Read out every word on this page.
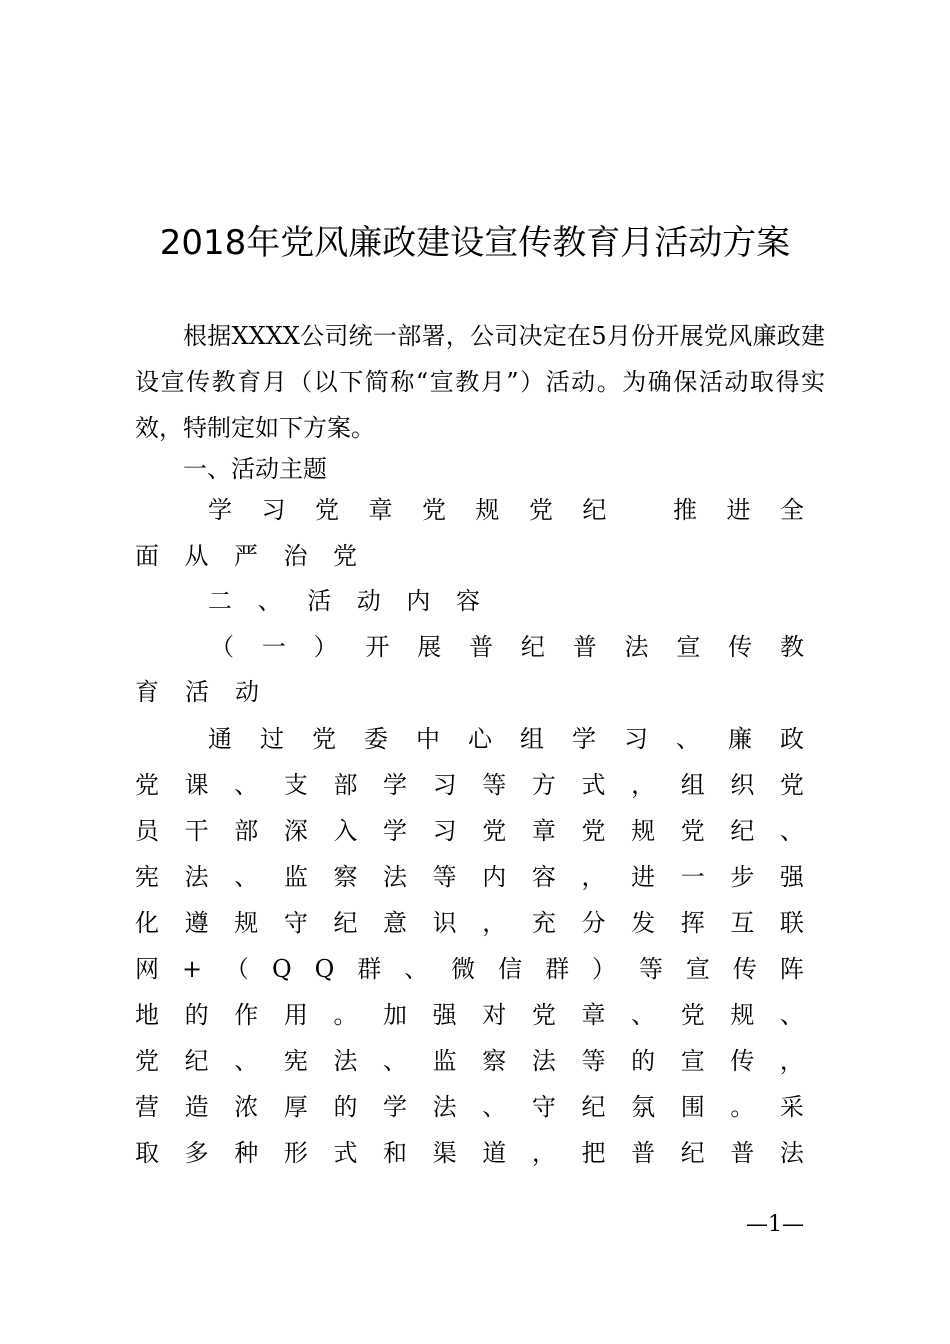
2018年党风廉政建设宣传教育月活动方案

根据XXXX公司统一部署，公司决定在5月份开展党风廉政建设宣传教育月（以下简称“宣教月”）活动。为确保活动取得实效，特制定如下方案。

一、活动主题
学 习 党 章 党 规 党 纪
	推 进 全
面 从 严 治 党
二 、 活 动 内 容
（ 一 ） 开 展 普 纪 普 法 宣 传 教
育 活 动
通 过 党 委 中 心 组 学 习 、 廉 政
党 课 、 支 部 学 习 等 方 式 ， 组 织 党
员 干 部 深 入 学 习 党 章 党 规 党 纪 、
宪 法 、 监 察 法 等 内 容 ， 进 一 步 强
化 遵 规 守 纪 意 识 ， 充 分 发 挥 互 联
网 + （ Q Q 群 、 微 信 群 ） 等 宣 传 阵
地 的 作 用 。 加 强 对 党 章 、 党 规 、
党 纪 、 宪 法 、 监 察 法 等 的 宣 传 ，
营 造 浓 厚 的 学 法 、 守 纪 氛 围 。 采
取 多 种 形 式 和 渠 道 ， 把 普 纪 普 法
—1—
